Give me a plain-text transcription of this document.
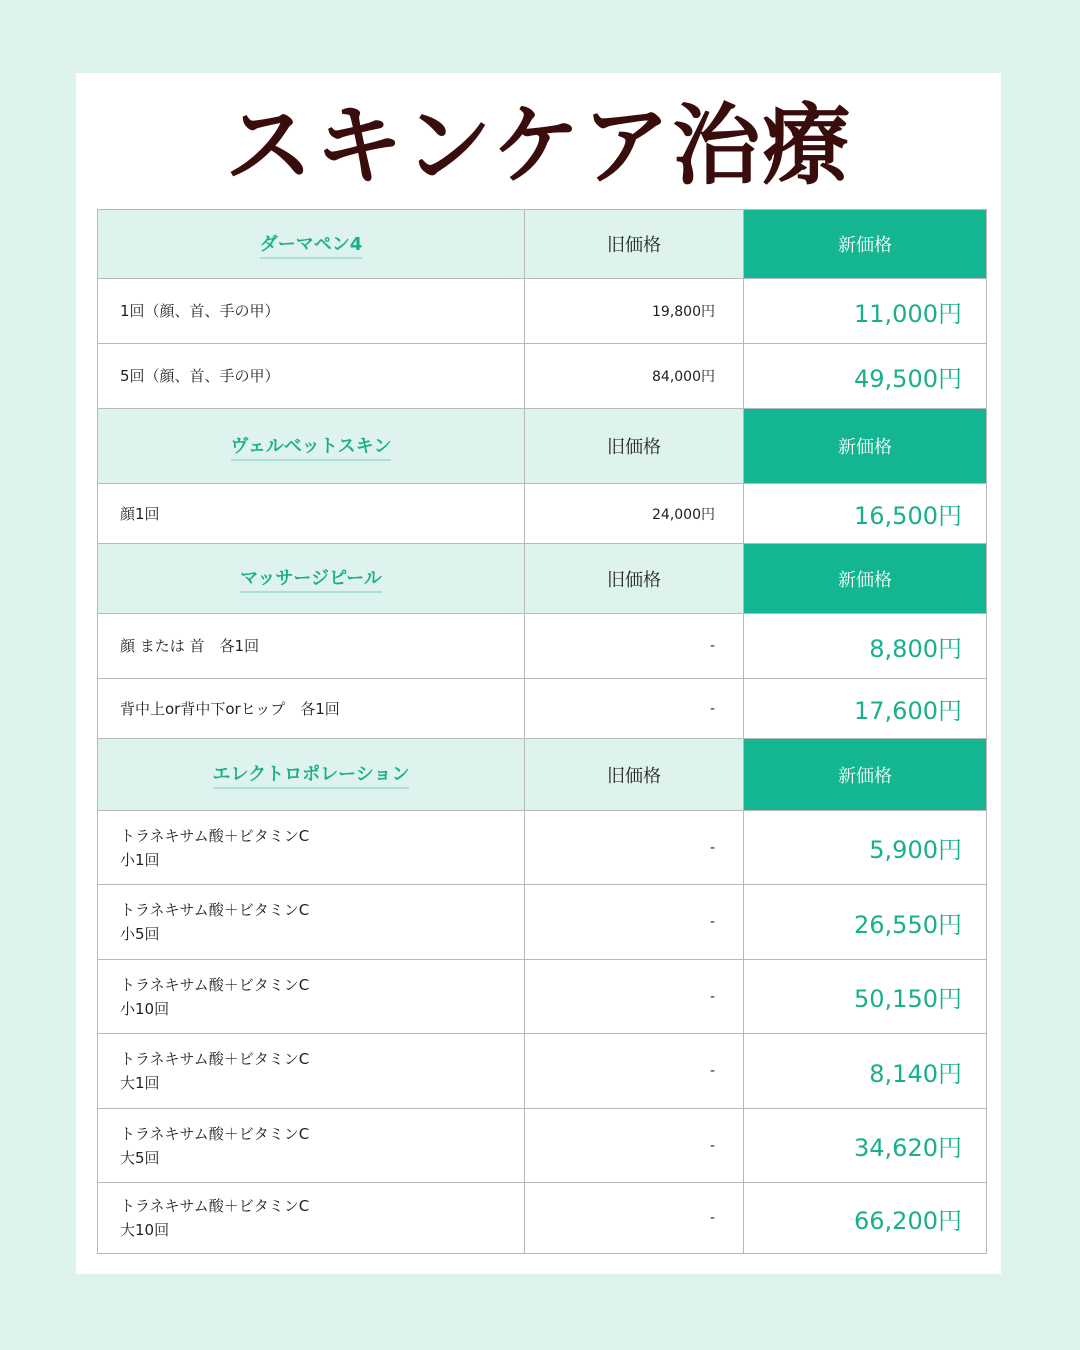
スキンケア治療
ダーマペン4	旧価格	新価格
1回（顔、首、手の甲）	19,800円	11,000円
5回（顔、首、手の甲）	84,000円	49,500円
ヴェルベットスキン	旧価格	新価格
顔1回	24,000円	16,500円
マッサージピール	旧価格	新価格
顔 または 首　各1回	-	8,800円
背中上or背中下orヒップ　各1回	-	17,600円
エレクトロポレーション	旧価格	新価格
トラネキサム酸＋ビタミンC
小1回
-	5,900円
トラネキサム酸＋ビタミンC
小5回
-	26,550円
トラネキサム酸＋ビタミンC
小10回
-	50,150円
トラネキサム酸＋ビタミンC
大1回
-	8,140円
トラネキサム酸＋ビタミンC
大5回
-	34,620円
トラネキサム酸＋ビタミンC
大10回
-	66,200円
